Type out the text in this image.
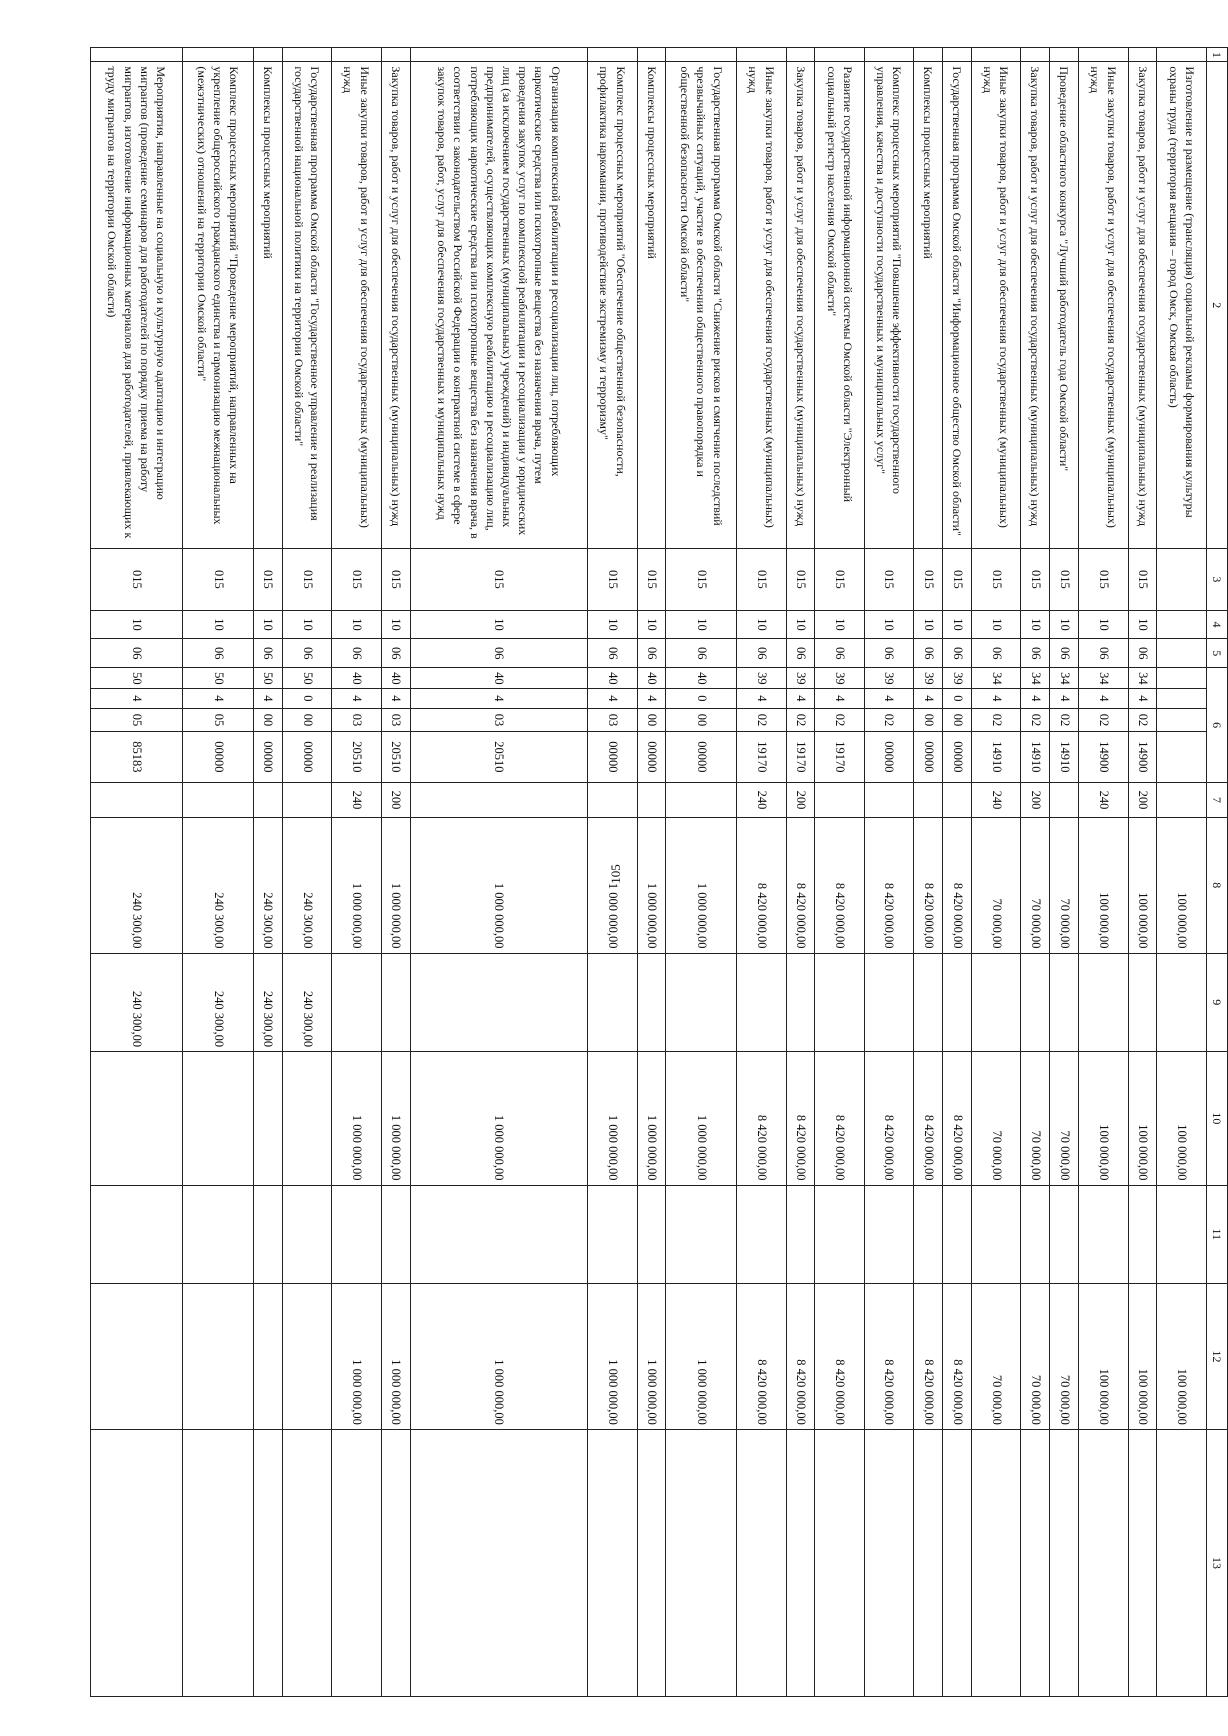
105
1	2	3	4	5	6				7	8	9	10	11	12	13
	Изготовление и размещение (трансляция) социальной рекламы формирования культуры охраны труда (территория вещания – город Омск, Омская область)									100 000,00		100 000,00		100 000,00	
	Закупка товаров, работ и услуг для обеспечения государственных (муниципальных) нужд	015	10	06	34	4	02	14900	200	100 000,00		100 000,00		100 000,00	
	Иные закупки товаров, работ и услуг для обеспечения государственных (муниципальных) нужд	015	10	06	34	4	02	14900	240	100 000,00		100 000,00		100 000,00	
	Проведение областного конкурса "Лучший работодатель года Омской области"	015	10	06	34	4	02	14910		70 000,00		70 000,00		70 000,00	
	Закупка товаров, работ и услуг для обеспечения государственных (муниципальных) нужд	015	10	06	34	4	02	14910	200	70 000,00		70 000,00		70 000,00	
	Иные закупки товаров, работ и услуг для обеспечения государственных (муниципальных) нужд	015	10	06	34	4	02	14910	240	70 000,00		70 000,00		70 000,00	
	Государственная программа Омской области "Информационное общество Омской области"	015	10	06	39	0	00	00000		8 420 000,00		8 420 000,00		8 420 000,00	
	Комплексы процессных мероприятий	015	10	06	39	4	00	00000		8 420 000,00		8 420 000,00		8 420 000,00	
	Комплекс процессных мероприятий "Повышение эффективности государственного управления, качества и доступности государственных и муниципальных услуг"	015	10	06	39	4	02	00000		8 420 000,00		8 420 000,00		8 420 000,00	
	Развитие государственной информационной системы Омской области "Электронный социальный регистр населения Омской области"	015	10	06	39	4	02	19170		8 420 000,00		8 420 000,00		8 420 000,00	
	Закупка товаров, работ и услуг для обеспечения государственных (муниципальных) нужд	015	10	06	39	4	02	19170	200	8 420 000,00		8 420 000,00		8 420 000,00	
	Иные закупки товаров, работ и услуг для обеспечения государственных (муниципальных) нужд	015	10	06	39	4	02	19170	240	8 420 000,00		8 420 000,00		8 420 000,00	
	Государственная программа Омской области "Снижение рисков и смягчение последствий чрезвычайных ситуаций, участие в обеспечении общественного правопорядка и общественной безопасности Омской области"	015	10	06	40	0	00	00000		1 000 000,00		1 000 000,00		1 000 000,00	
	Комплексы процессных мероприятий	015	10	06	40	4	00	00000		1 000 000,00		1 000 000,00		1 000 000,00	
	Комплекс процессных мероприятий "Обеспечение общественной безопасности, профилактика наркомании, противодействие экстремизму и терроризму"	015	10	06	40	4	03	00000		1 000 000,00		1 000 000,00		1 000 000,00	
	Организация комплексной реабилитации и ресоциализации лиц, потребляющих наркотические средства или психотропные вещества без назначения врача, путем проведения закупок услуг по комплексной реабилитации и ресоциализации у юридических лиц (за исключением государственных (муниципальных) учреждений) и индивидуальных предпринимателей, осуществляющих комплексную реабилитацию и ресоциализацию лиц, потребляющих наркотические средства или психотропные вещества без назначения врача, в соответствии с законодательством Российской Федерации о контрактной системе в сфере закупок товаров, работ, услуг для обеспечения государственных и муниципальных нужд	015	10	06	40	4	03	20510		1 000 000,00		1 000 000,00		1 000 000,00	
	Закупка товаров, работ и услуг для обеспечения государственных (муниципальных) нужд	015	10	06	40	4	03	20510	200	1 000 000,00		1 000 000,00		1 000 000,00	
	Иные закупки товаров, работ и услуг для обеспечения государственных (муниципальных) нужд	015	10	06	40	4	03	20510	240	1 000 000,00		1 000 000,00		1 000 000,00	
	Государственная программа Омской области "Государственное управление и реализация государственной национальной политики на территории Омской области"	015	10	06	50	0	00	00000		240 300,00	240 300,00				
	Комплексы процессных мероприятий	015	10	06	50	4	00	00000		240 300,00	240 300,00				
	Комплекс процессных мероприятий "Проведение мероприятий, направленных на укрепление общероссийского гражданского единства и гармонизацию межнациональных (межэтнических) отношений на территории Омской области"	015	10	06	50	4	05	00000		240 300,00	240 300,00				
	Мероприятия, направленные на социальную и культурную адаптацию и интеграцию мигрантов (проведение семинаров для работодателей по порядку приема на работу мигрантов, изготовление информационных материалов для работодателей, привлекающих к труду мигрантов на территории Омской области)	015	10	06	50	4	05	85183		240 300,00	240 300,00				
